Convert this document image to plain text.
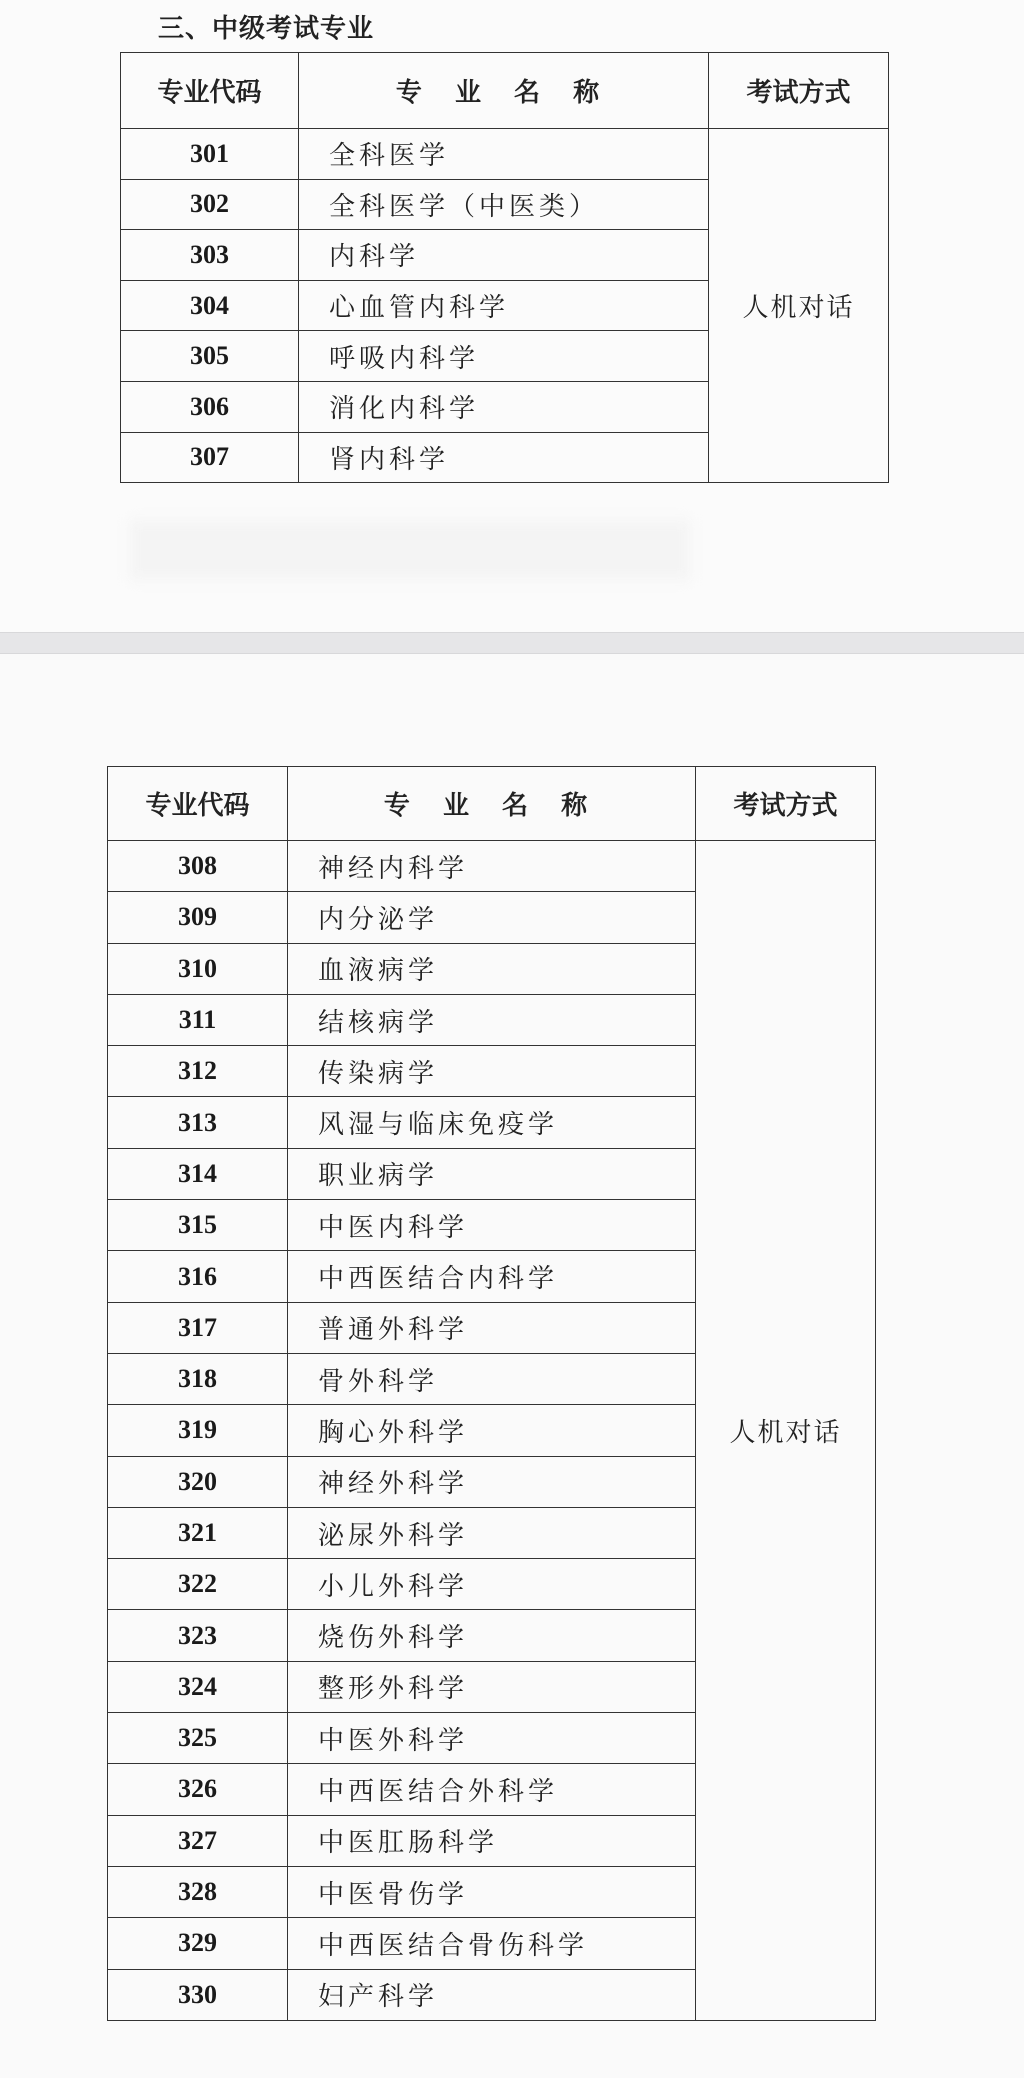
三、中级考试专业
专业代码	专 业 名 称	考试方式
301	全科医学	人机对话
302	全科医学（中医类）	
303	内科学	
304	心血管内科学	
305	呼吸内科学	
306	消化内科学	
307	肾内科学	
专业代码	专 业 名 称	考试方式
308	神经内科学	人机对话
309	内分泌学	
310	血液病学	
311	结核病学	
312	传染病学	
313	风湿与临床免疫学	
314	职业病学	
315	中医内科学	
316	中西医结合内科学	
317	普通外科学	
318	骨外科学	
319	胸心外科学	
320	神经外科学	
321	泌尿外科学	
322	小儿外科学	
323	烧伤外科学	
324	整形外科学	
325	中医外科学	
326	中西医结合外科学	
327	中医肛肠科学	
328	中医骨伤学	
329	中西医结合骨伤科学	
330	妇产科学	
